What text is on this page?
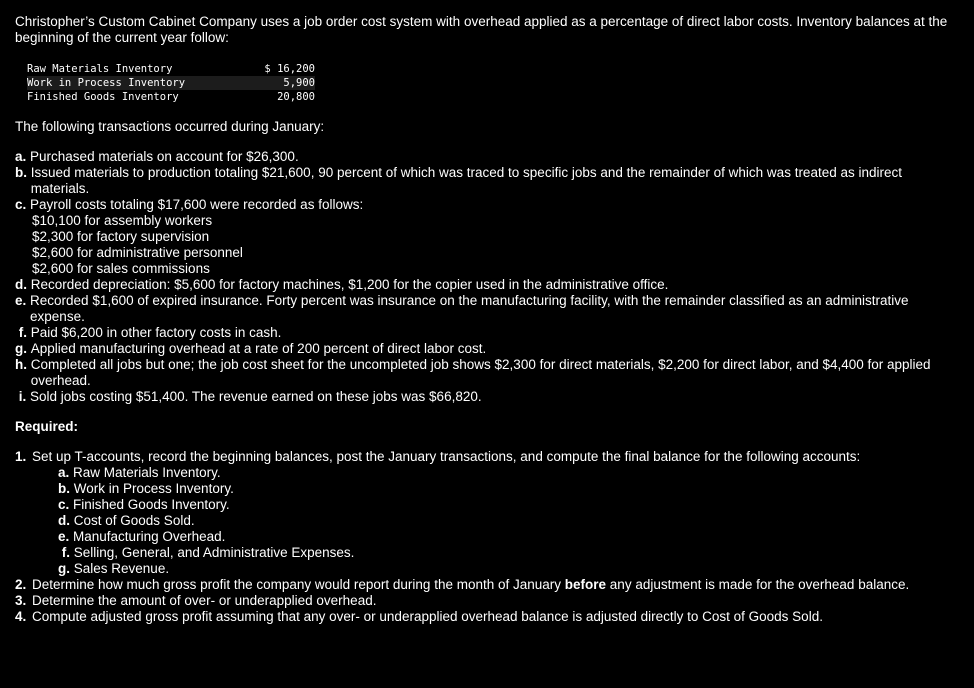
Christopher’s Custom Cabinet Company uses a job order cost system with overhead applied as a percentage of direct labor costs. Inventory balances at the beginning of the current year follow:

Raw Materials Inventory	$ 16,200
Work in Process Inventory	5,900
Finished Goods Inventory	20,800

The following transactions occurred during January:

a.
Purchased materials on account for $26,300.
b.
Issued materials to production totaling $21,600, 90 percent of which was traced to specific jobs and the remainder of which was treated as indirect materials.
c.
Payroll costs totaling $17,600 were recorded as follows:
$10,100 for assembly workers
$2,300 for factory supervision
$2,600 for administrative personnel
$2,600 for sales commissions
d.
Recorded depreciation: $5,600 for factory machines, $1,200 for the copier used in the administrative office.
e.
Recorded $1,600 of expired insurance. Forty percent was insurance on the manufacturing facility, with the remainder classified as an administrative expense.
f.
Paid $6,200 in other factory costs in cash.
g.
Applied manufacturing overhead at a rate of 200 percent of direct labor cost.
h.
Completed all jobs but one; the job cost sheet for the uncompleted job shows $2,300 for direct materials, $2,200 for direct labor, and $4,400 for applied overhead.
i.
Sold jobs costing $51,400. The revenue earned on these jobs was $66,820.

Required:

1. Set up T-accounts, record the beginning balances, post the January transactions, and compute the final balance for the following accounts:
a.
Raw Materials Inventory.
b.
Work in Process Inventory.
c.
Finished Goods Inventory.
d.
Cost of Goods Sold.
e.
Manufacturing Overhead.
f.
Selling, General, and Administrative Expenses.
g.
Sales Revenue.
2. Determine how much gross profit the company would report during the month of January before any adjustment is made for the overhead balance.
3. Determine the amount of over- or underapplied overhead.
4. Compute adjusted gross profit assuming that any over- or underapplied overhead balance is adjusted directly to Cost of Goods Sold.
